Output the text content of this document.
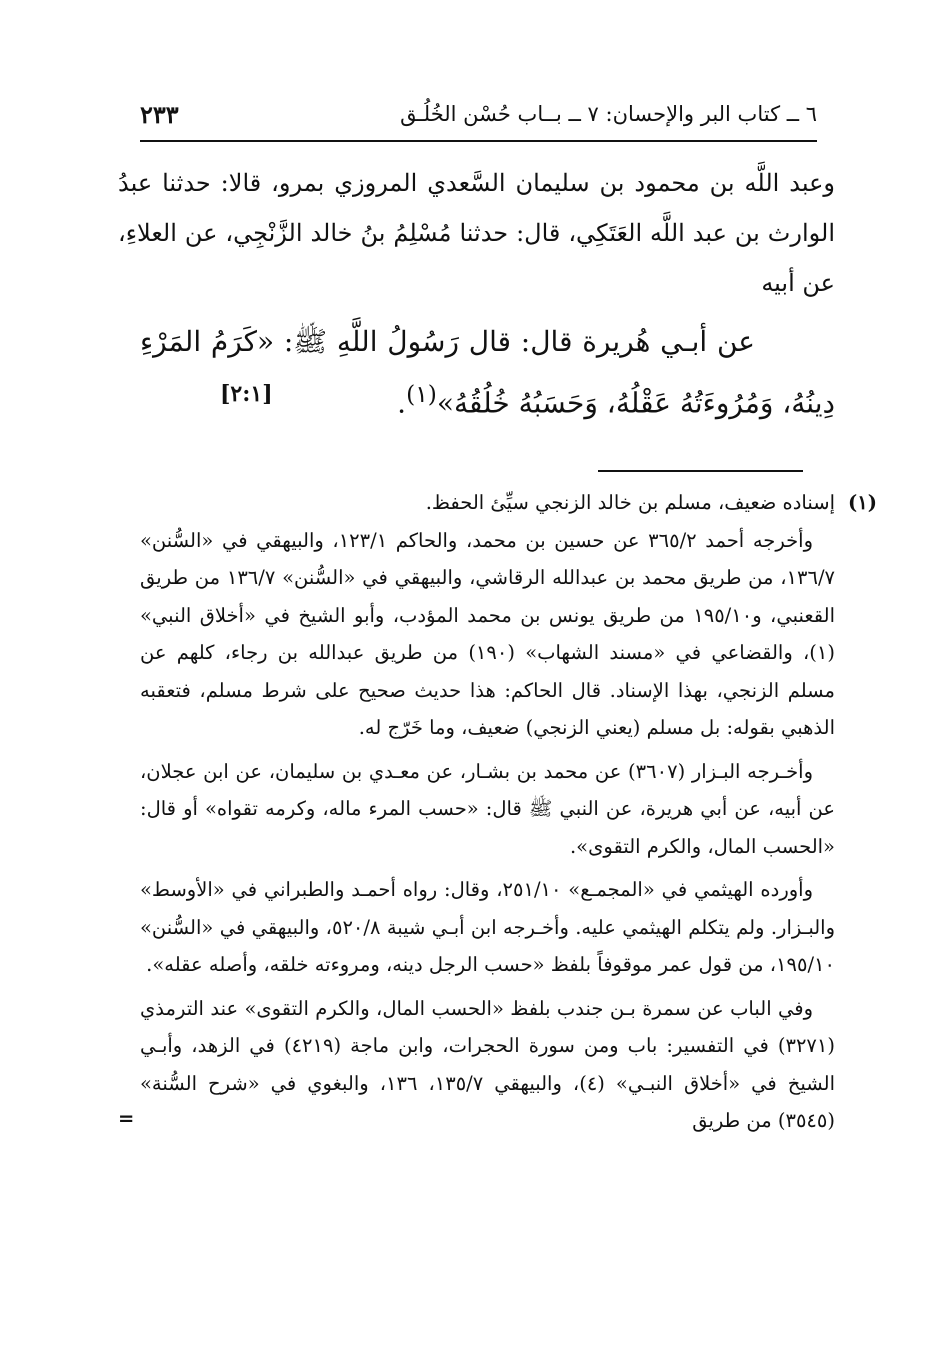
٦ ــ كتاب البر والإحسان: ٧ ــ بــاب حُسْن الخُلُـق
٢٣٣

وعبد اللَّه بن محمود بن سليمان السَّعدي المروزي بمرو، قالا: حدثنا عبدُ الوارث بن عبد اللَّه العَتَكِي، قال: حدثنا مُسْلِمُ بنُ خالد الزَّنْجِي، عن العلاءِ، عن أبيه

عن أبـي هُريرة قال: قال رَسُولُ اللَّهِ ﷺ: «كَرَمُ المَرْءِ دِينُهُ، وَمُرُوءَتُهُ عَقْلُهُ، وَحَسَبُهُ خُلُقُهُ»$^{(١)}$.
[٢:١]

(١)
إسناده ضعيف، مسلم بن خالد الزنجي سيِّئ الحفظ.

وأخرجه أحمد ٣٦٥/٢ عن حسين بن محمد، والحاكم ١٢٣/١، والبيهقي في «السُّنن» ١٣٦/٧، من طريق محمد بن عبدالله الرقاشي، والبيهقي في «السُّنن» ١٣٦/٧ من طريق القعنبي، و١٩٥/١٠ من طريق يونس بن محمد المؤدب، وأبو الشيخ في «أخلاق النبي» (١)، والقضاعي في «مسند الشهاب» (١٩٠) من طريق عبدالله بن رجاء، كلهم عن مسلم الزنجي، بهذا الإسناد. قال الحاكم: هذا حديث صحيح على شرط مسلم، فتعقبه الذهبي بقوله: بل مسلم (يعني الزنجي) ضعيف، وما خَرّج له.

وأخـرجه البـزار (٣٦٠٧) عن محمد بن بشـار، عن معـدي بن سليمان، عن ابن عجلان، عن أبيه، عن أبي هريرة، عن النبي ﷺ قال: «حسب المرء ماله، وكرمه تقواه» أو قال: «الحسب المال، والكرم التقوى».

وأورده الهيثمي في «المجمـع» ٢٥١/١٠، وقال: رواه أحمـد والطبراني في «الأوسط» والبـزار. ولم يتكلم الهيثمي عليه. وأخـرجه ابن أبـي شيبة ٥٢٠/٨، والبيهقي في «السُّنن» ١٩٥/١٠، من قول عمر موقوفاً بلفظ «حسب الرجل دينه، ومروءته خلقه، وأصله عقله».

وفي الباب عن سمرة بـن جندب بلفظ «الحسب المال، والكرم التقوى» عند الترمذي (٣٢٧١) في التفسير: باب ومن سورة الحجرات، وابن ماجة (٤٢١٩) في الزهد، وأبـي الشيخ في «أخلاق النبـي» (٤)، والبيهقي ١٣٥/٧، ١٣٦، والبغوي في «شرح السُّنة» (٣٥٤٥) من طريق
=
